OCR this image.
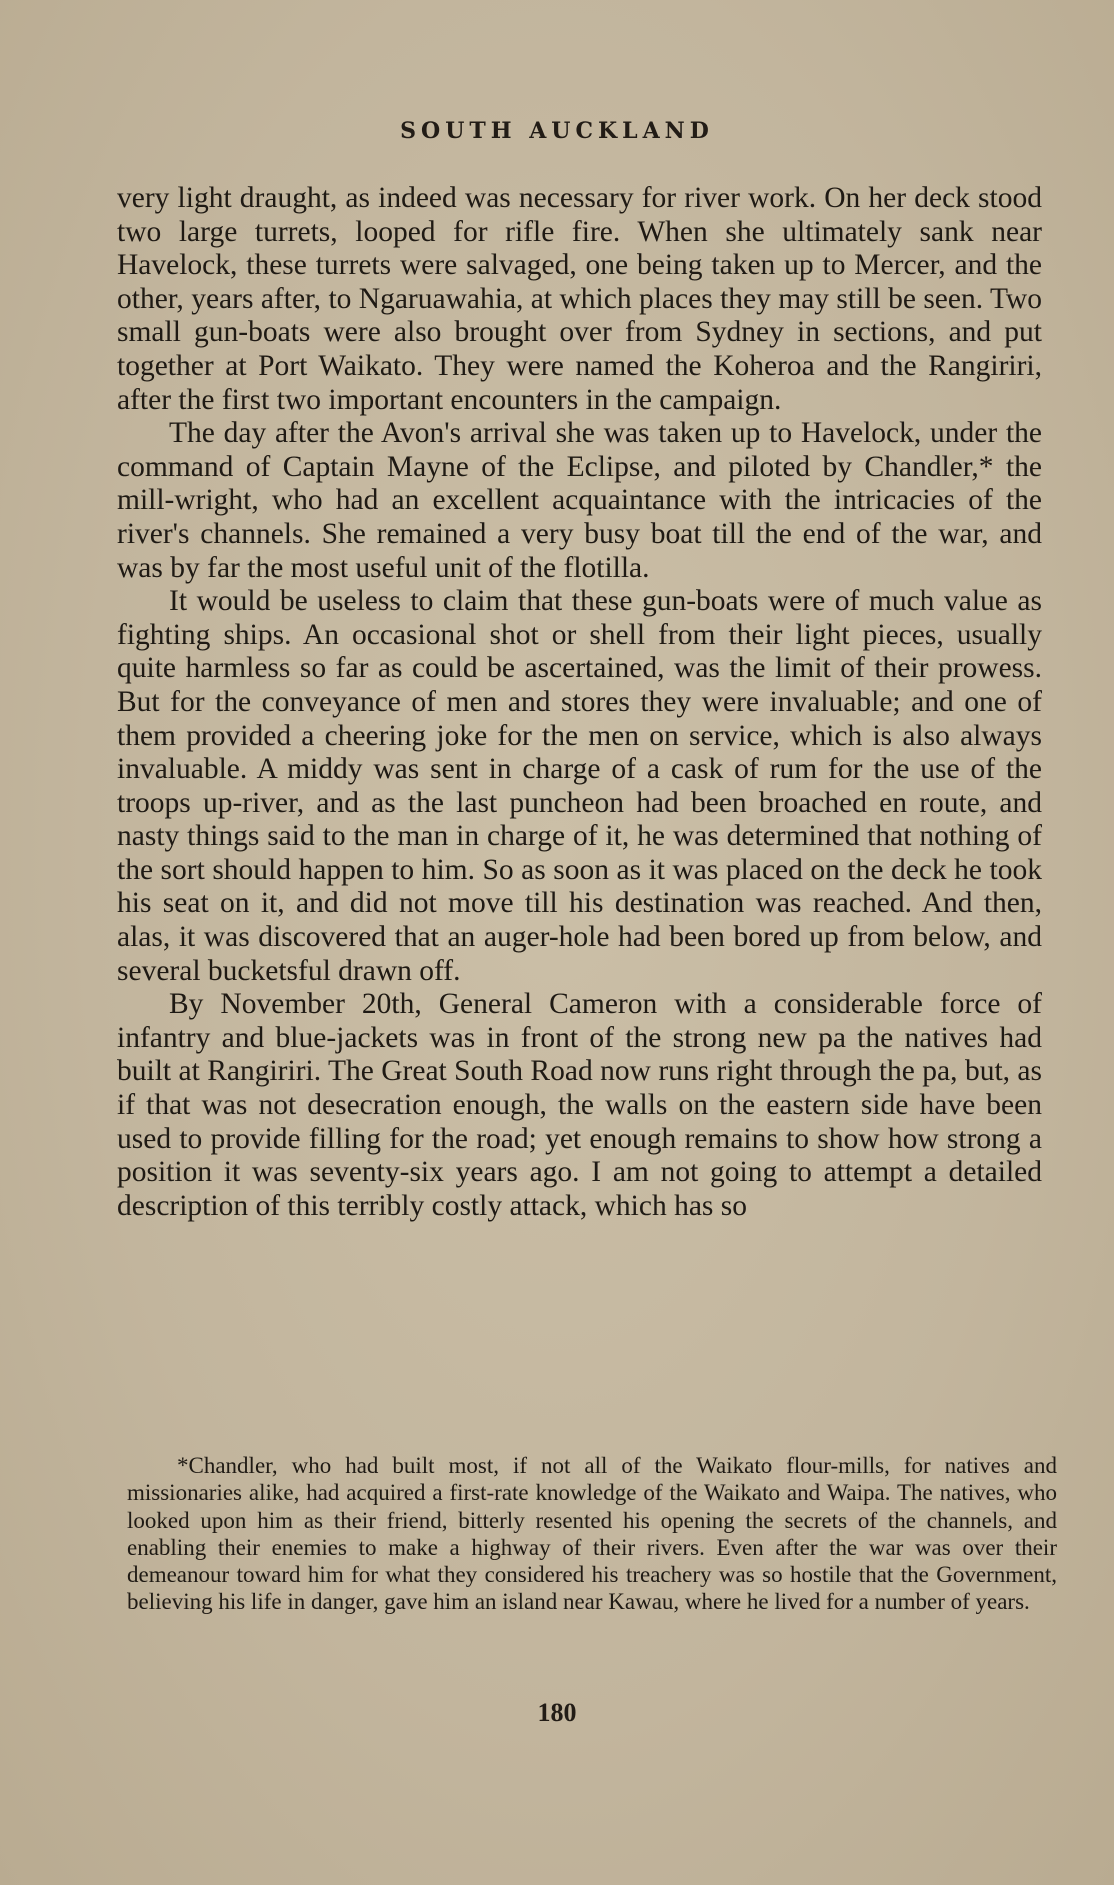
SOUTH AUCKLAND

very light draught, as indeed was necessary for river work. On her deck stood two large turrets, looped for rifle fire. When she ultimately sank near Havelock, these turrets were salvaged, one being taken up to Mercer, and the other, years after, to Ngaruawahia, at which places they may still be seen. Two small gun-boats were also brought over from Sydney in sections, and put together at Port Waikato. They were named the Koheroa and the Rangiriri, after the first two important encounters in the campaign.

The day after the Avon's arrival she was taken up to Havelock, under the command of Captain Mayne of the Eclipse, and piloted by Chandler,* the mill-wright, who had an excellent acquaintance with the intricacies of the river's channels. She remained a very busy boat till the end of the war, and was by far the most useful unit of the flotilla.

It would be useless to claim that these gun-boats were of much value as fighting ships. An occasional shot or shell from their light pieces, usually quite harmless so far as could be ascertained, was the limit of their prowess. But for the conveyance of men and stores they were invaluable; and one of them provided a cheering joke for the men on service, which is also always invaluable. A middy was sent in charge of a cask of rum for the use of the troops up-river, and as the last puncheon had been broached en route, and nasty things said to the man in charge of it, he was determined that nothing of the sort should happen to him. So as soon as it was placed on the deck he took his seat on it, and did not move till his destination was reached. And then, alas, it was discovered that an auger-hole had been bored up from below, and several bucketsful drawn off.

By November 20th, General Cameron with a considerable force of infantry and blue-jackets was in front of the strong new pa the natives had built at Rangiriri. The Great South Road now runs right through the pa, but, as if that was not desecration enough, the walls on the eastern side have been used to provide filling for the road; yet enough remains to show how strong a position it was seventy-six years ago. I am not going to attempt a detailed description of this terribly costly attack, which has so

*Chandler, who had built most, if not all of the Waikato flour-mills, for natives and missionaries alike, had acquired a first-rate knowledge of the Waikato and Waipa. The natives, who looked upon him as their friend, bitterly resented his opening the secrets of the channels, and enabling their enemies to make a highway of their rivers. Even after the war was over their demeanour toward him for what they considered his treachery was so hostile that the Government, believing his life in danger, gave him an island near Kawau, where he lived for a number of years.

180
